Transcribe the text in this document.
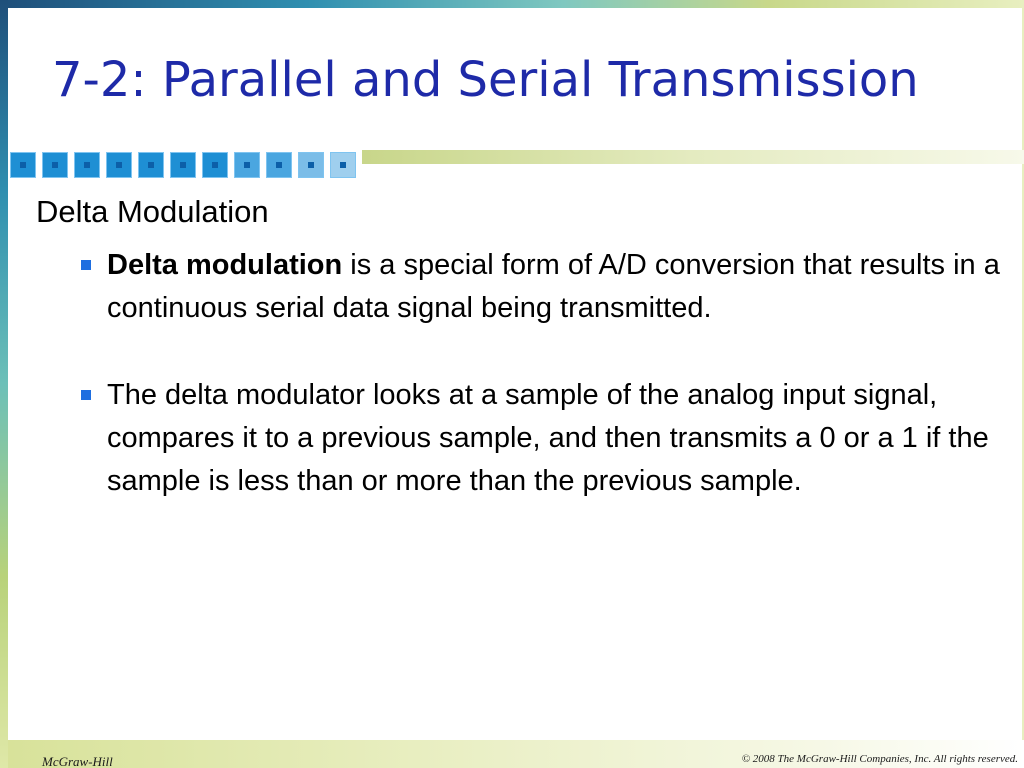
7-2: Parallel and Serial Transmission
Delta Modulation
Delta modulation is a special form of A/D conversion that results in a continuous serial data signal being transmitted.
The delta modulator looks at a sample of the analog input signal, compares it to a previous sample, and then transmits a 0 or a 1 if the sample is less than or more than the previous sample.
McGraw-Hill	© 2008 The McGraw-Hill Companies, Inc. All rights reserved.
